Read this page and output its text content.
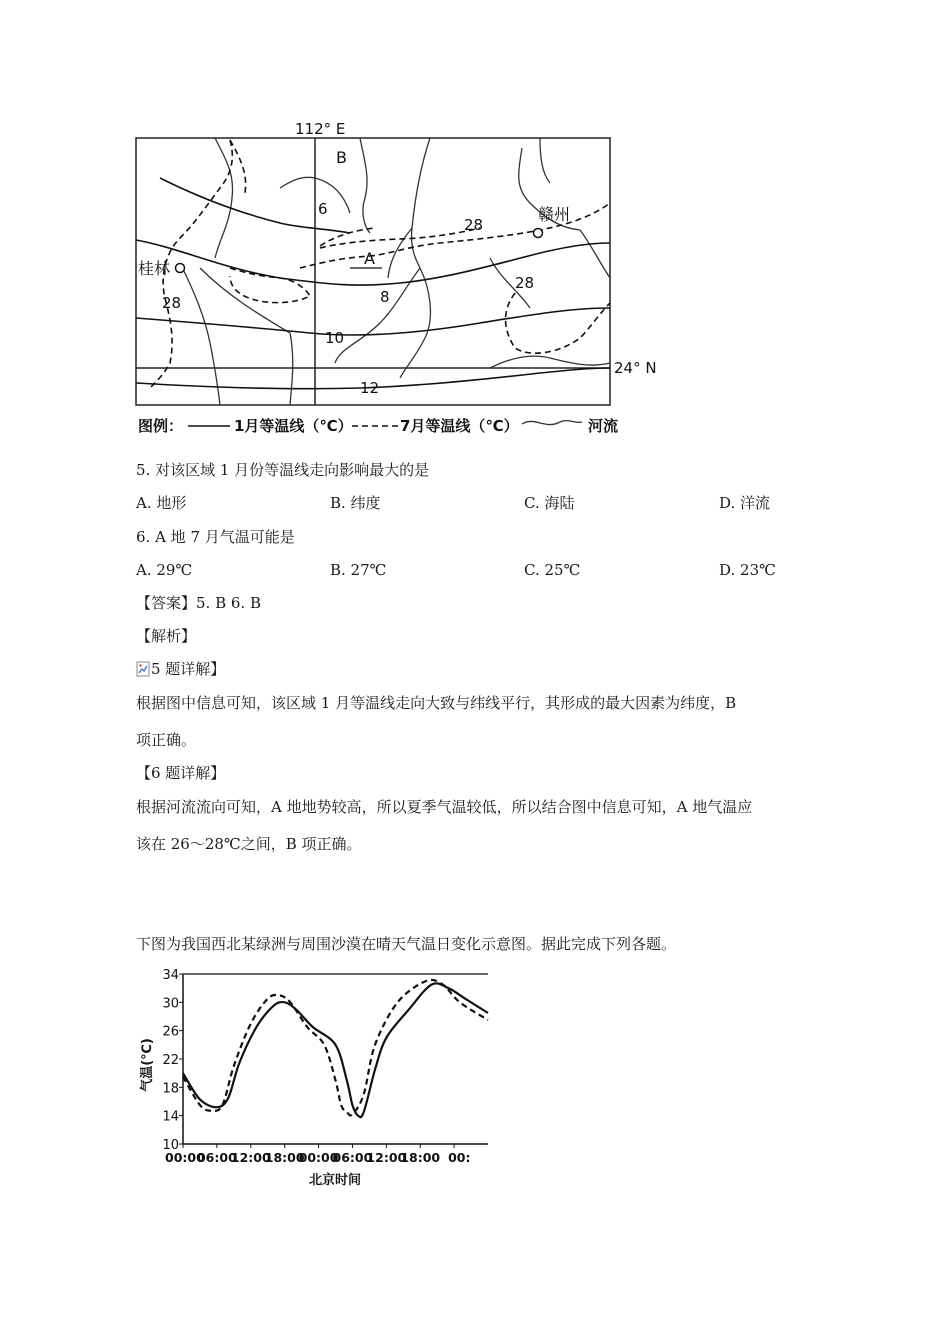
112° E
24° N
B
A
赣州
桂林
6
8
10
12
28
28
28
图例：	1月等温线（℃）	7月等温线（℃）	河流
5. 对该区域 1 月份等温线走向影响最大的是
A. 地形	B. 纬度	C. 海陆	D. 洋流
6. A 地 7 月气温可能是
A. 29℃	B. 27℃	C. 25℃	D. 23℃
【答案】5. B 6. B
【解析】
5 题详解】
根据图中信息可知，该区域 1 月等温线走向大致与纬线平行，其形成的最大因素为纬度，B
项正确。
【6 题详解】
根据河流流向可知，A 地地势较高，所以夏季气温较低，所以结合图中信息可知，A 地气温应
该在 26～28℃之间，B 项正确。
下图为我国西北某绿洲与周围沙漠在晴天气温日变化示意图。据此完成下列各题。
10
14
18
22
26
30
34
00:00
06:00
12:00
18:00
00:00
06:00
12:00
18:00 00:
气温(℃)
北京时间
